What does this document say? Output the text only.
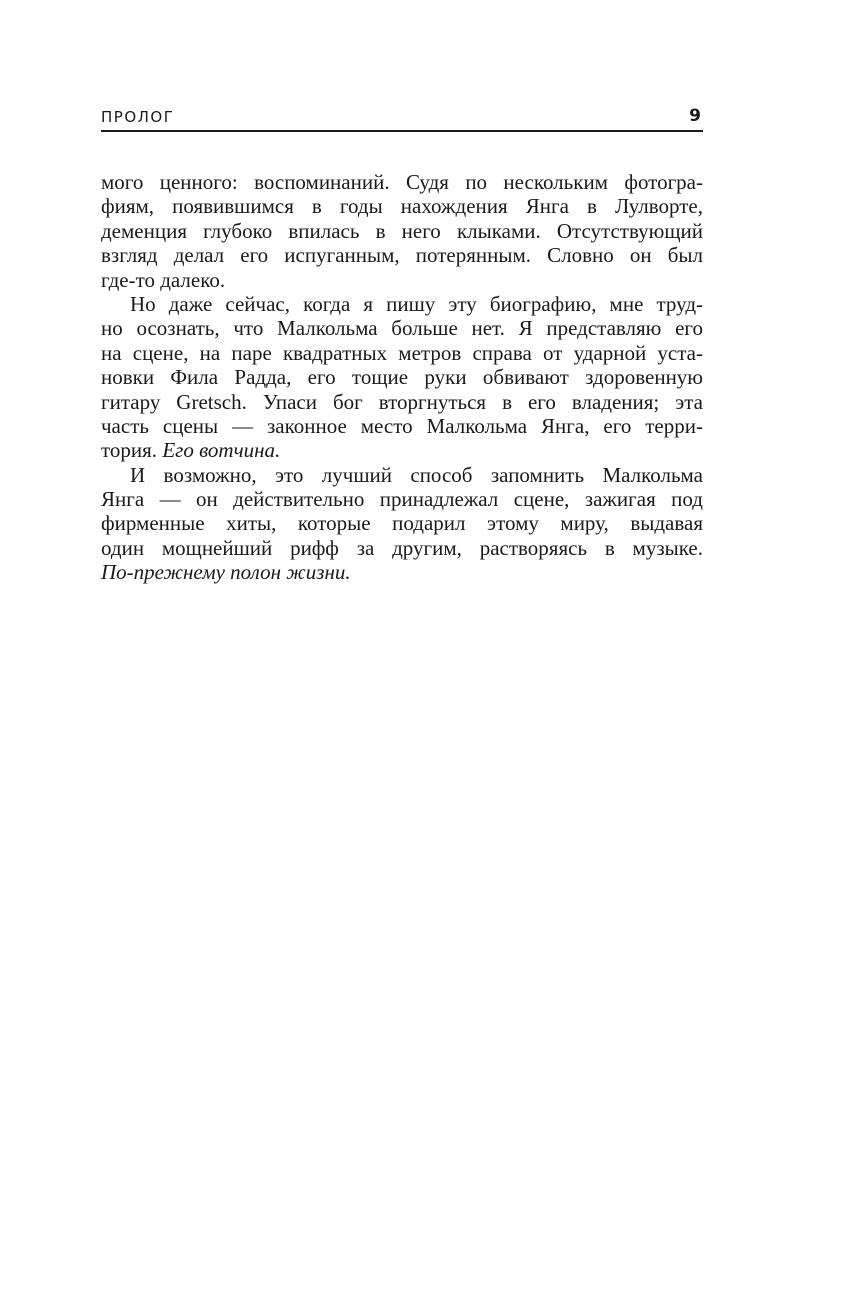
ПРОЛОГ	9
мого ценного: воспоминаний. Судя по нескольким фотогра-
фиям, появившимся в годы нахождения Янга в Лулворте,
деменция глубоко впилась в него клыками. Отсутствующий
взгляд делал его испуганным, потерянным. Словно он был
где-то далеко.
Но даже сейчас, когда я пишу эту биографию, мне труд-
но осознать, что Малкольма больше нет. Я представляю его
на сцене, на паре квадратных метров справа от ударной уста-
новки Фила Радда, его тощие руки обвивают здоровенную
гитару Gretsch. Упаси бог вторгнуться в его владения; эта
часть сцены — законное место Малкольма Янга, его терри-
тория. Его вотчина.
И возможно, это лучший способ запомнить Малкольма
Янга — он действительно принадлежал сцене, зажигая под
фирменные хиты, которые подарил этому миру, выдавая
один мощнейший рифф за другим, растворяясь в музыке.
По-прежнему полон жизни.
